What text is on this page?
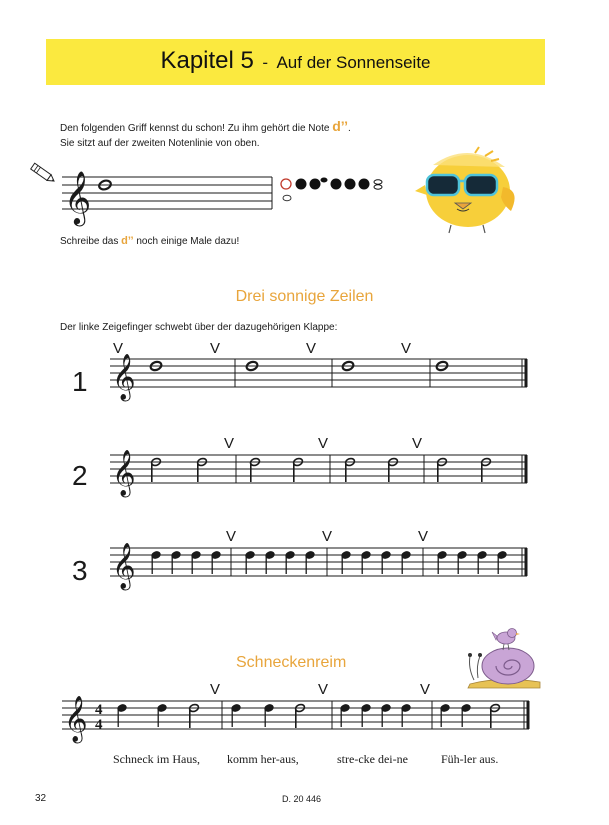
Kapitel 5 - Auf der Sonnenseite
Den folgenden Griff kennst du schon! Zu ihm gehört die Note d’’.
Sie sitzt auf der zweiten Notenlinie von oben.
𝄞
Schreibe das d’’ noch einige Male dazu!
Drei sonnige Zeilen
Der linke Zeigefinger schwebt über der dazugehörigen Klappe:
1 𝄞
V	V	V	V
2 𝄞
V	V	V
3 𝄞
V	V	V
Schneckenreim
𝄞 4
4
V	V	V
Schneck im Haus, komm her-aus,	stre-cke dei-ne	Füh-ler aus.
32	D. 20 446
